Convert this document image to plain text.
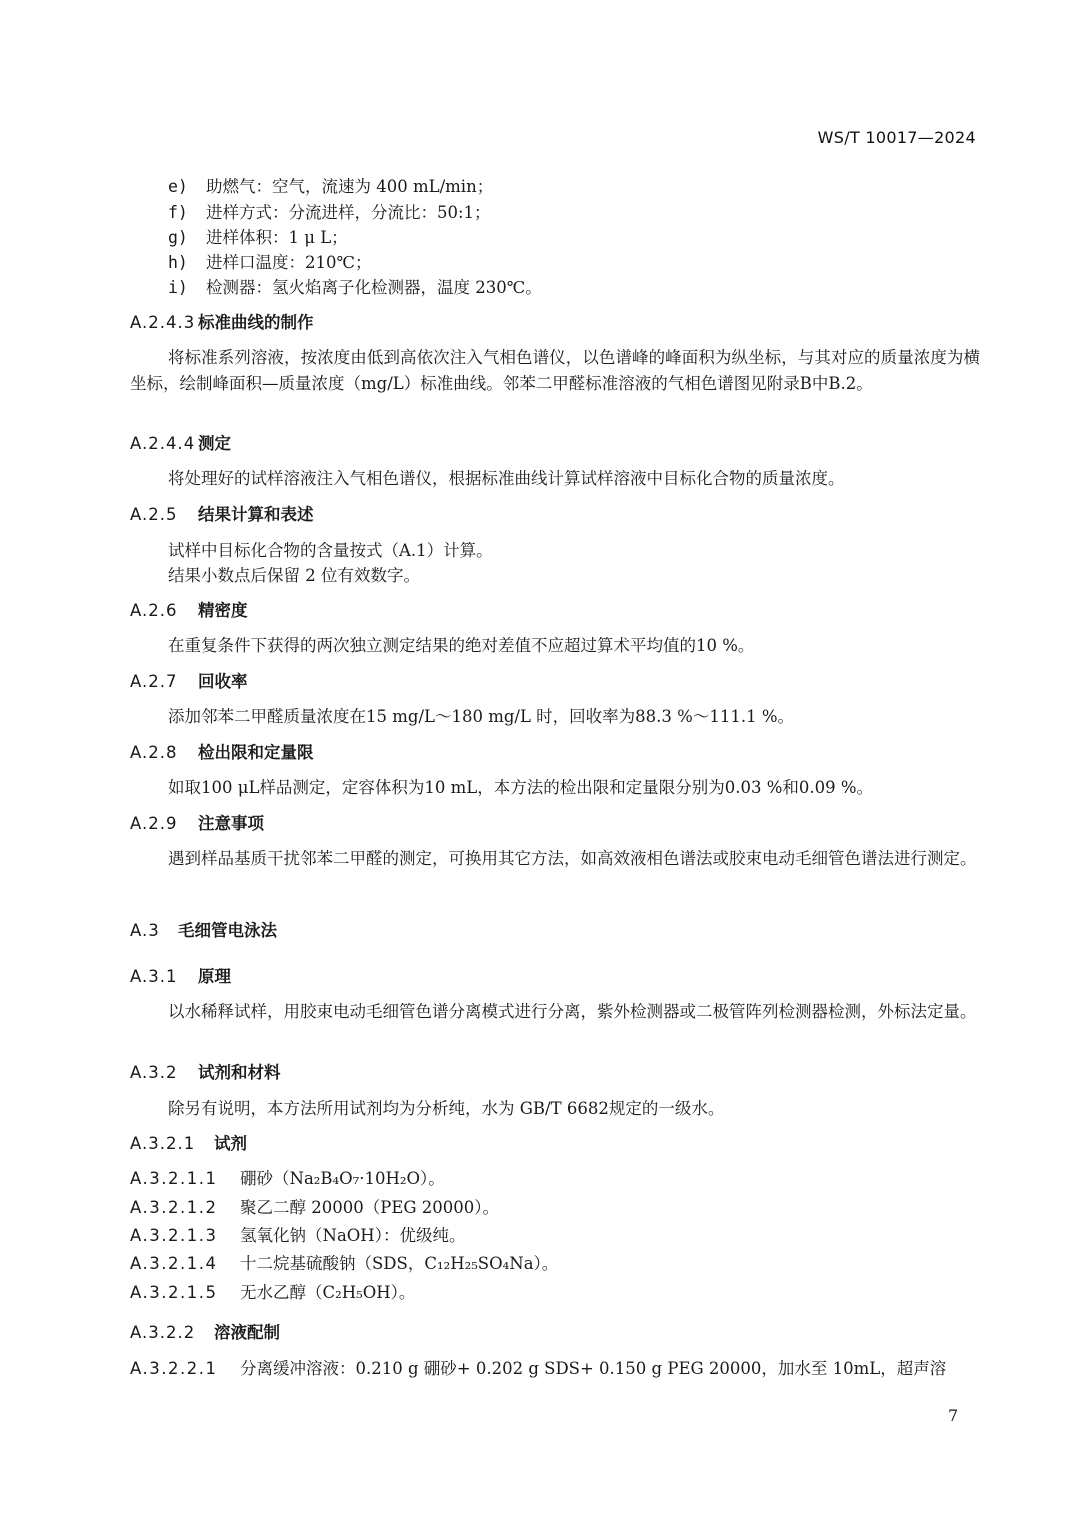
WS/T 10017—2024
e) 助燃气：空气，流速为 400 mL/min；
f) 进样方式：分流进样，分流比：50:1；
g) 进样体积：1 μ L；
h) 进样口温度：210℃；
i) 检测器：氢火焰离子化检测器，温度 230℃。
A.2.4.3 标准曲线的制作
将标准系列溶液，按浓度由低到高依次注入气相色谱仪，以色谱峰的峰面积为纵坐标，与其对应的质量浓度为横坐标，绘制峰面积—质量浓度（mg/L）标准曲线。邻苯二甲醛标准溶液的气相色谱图见附录B中B.2。
A.2.4.4 测定
将处理好的试样溶液注入气相色谱仪，根据标准曲线计算试样溶液中目标化合物的质量浓度。
A.2.5 结果计算和表述
试样中目标化合物的含量按式（A.1）计算。
结果小数点后保留 2 位有效数字。
A.2.6 精密度
在重复条件下获得的两次独立测定结果的绝对差值不应超过算术平均值的10 %。
A.2.7 回收率
添加邻苯二甲醛质量浓度在15 mg/L～180 mg/L 时，回收率为88.3 %～111.1 %。
A.2.8 检出限和定量限
如取100 μL样品测定，定容体积为10 mL，本方法的检出限和定量限分别为0.03 %和0.09 %。
A.2.9 注意事项
遇到样品基质干扰邻苯二甲醛的测定，可换用其它方法，如高效液相色谱法或胶束电动毛细管色谱法进行测定。
A.3 毛细管电泳法
A.3.1 原理
以水稀释试样，用胶束电动毛细管色谱分离模式进行分离，紫外检测器或二极管阵列检测器检测，外标法定量。
A.3.2 试剂和材料
除另有说明，本方法所用试剂均为分析纯，水为 GB/T 6682规定的一级水。
A.3.2.1 试剂
A.3.2.1.1 硼砂（Na₂B₄O₇·10H₂O）。
A.3.2.1.2 聚乙二醇 20000（PEG 20000）。
A.3.2.1.3 氢氧化钠（NaOH）：优级纯。
A.3.2.1.4 十二烷基硫酸钠（SDS，C₁₂H₂₅SO₄Na）。
A.3.2.1.5 无水乙醇（C₂H₅OH）。
A.3.2.2 溶液配制
A.3.2.2.1 分离缓冲溶液：0.210 g 硼砂+ 0.202 g SDS+ 0.150 g PEG 20000，加水至 10mL，超声溶
7
